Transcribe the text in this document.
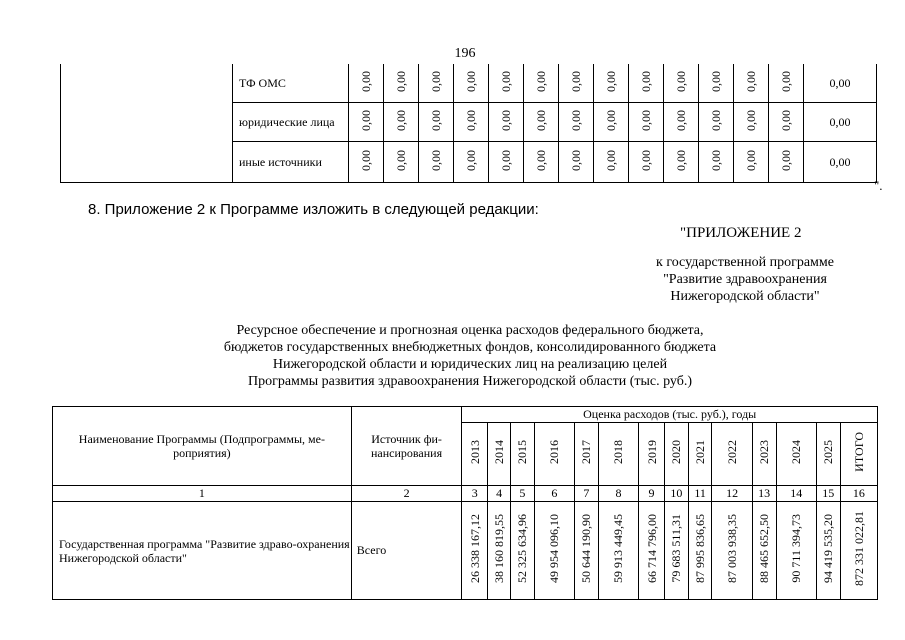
196
	ТФ ОМС	0,00	0,00	0,00	0,00	0,00	0,00	0,00	0,00	0,00	0,00	0,00	0,00	0,00	0,00
	юридические лица	0,00	0,00	0,00	0,00	0,00	0,00	0,00	0,00	0,00	0,00	0,00	0,00	0,00	0,00
	иные источники	0,00	0,00	0,00	0,00	0,00	0,00	0,00	0,00	0,00	0,00	0,00	0,00	0,00	0,00
".
8. Приложение 2 к Программе изложить в следующей редакции:
"ПРИЛОЖЕНИЕ 2
к государственной программе
"Развитие здравоохранения
Нижегородской области"
Ресурсное обеспечение и прогнозная оценка расходов федерального бюджета,
бюджетов государственных внебюджетных фондов, консолидированного бюджета
Нижегородской области и юридических лиц на реализацию целей
Программы развития здравоохранения Нижегородской области (тыс. руб.)
Наименование Программы (Подпрограммы, ме-роприятия)	Источник фи-нансирования	Оценка расходов (тыс. руб.), годы													
		2013	2014	2015	2016	2017	2018	2019	2020	2021	2022	2023	2024	2025	ИТОГО
1	2	3	4	5	6	7	8	9	10	11	12	13	14	15	16
Государственная программа "Развитие здраво-охранения Нижегородской области"	Всего	26 338 167,12	38 160 819,55	52 325 634,96	49 954 096,10	50 644 190,90	59 913 449,45	66 714 796,00	79 683 511,31	87 995 836,65	87 003 938,35	88 465 652,50	90 711 394,73	94 419 535,20	872 331 022,81
